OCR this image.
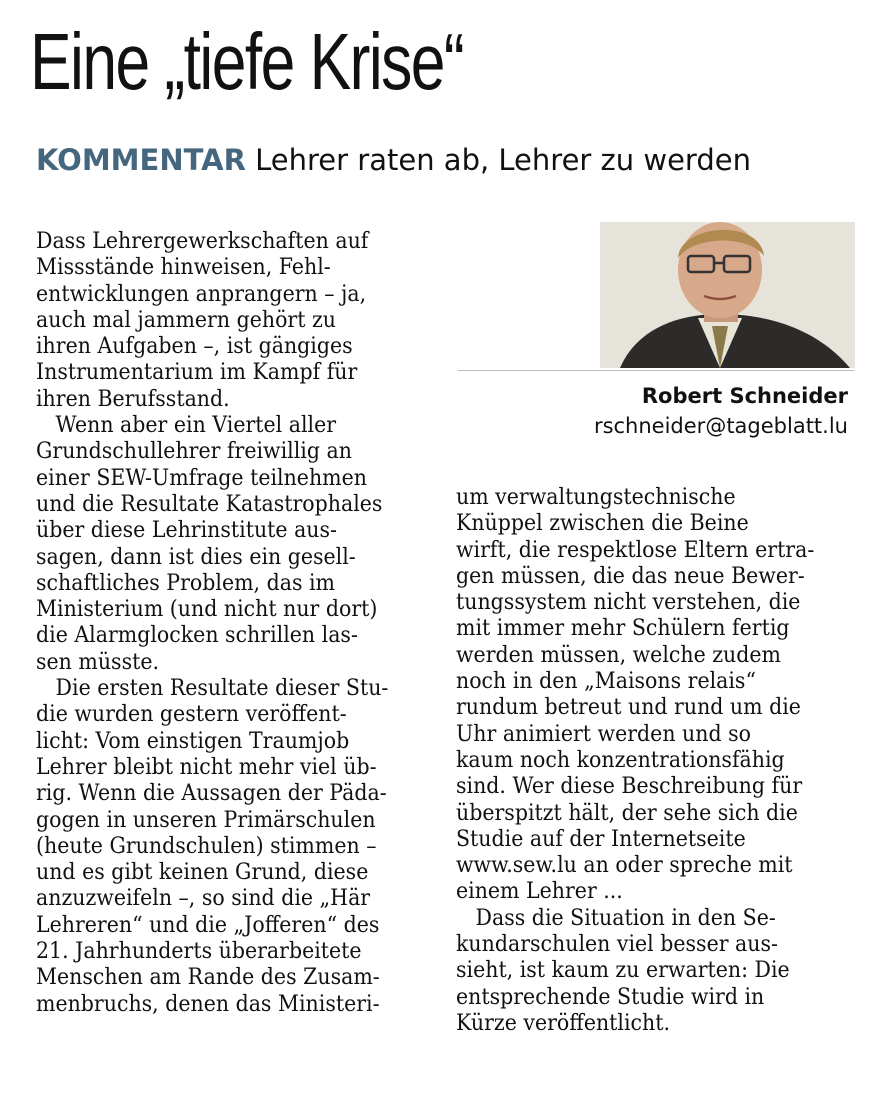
Eine „tiefe Krise“
KOMMENTAR Lehrer raten ab, Lehrer zu werden

Dass Lehrergewerkschaften auf

Missstände hinweisen, Fehl-

entwicklungen anprangern – ja,

auch mal jammern gehört zu

ihren Aufgaben –, ist gängiges

Instrumentarium im Kampf für

ihren Berufsstand.

Wenn aber ein Viertel aller

Grundschullehrer freiwillig an

einer SEW-Umfrage teilnehmen

und die Resultate Katastrophales

über diese Lehrinstitute aus-

sagen, dann ist dies ein gesell-

schaftliches Problem, das im

Ministerium (und nicht nur dort)

die Alarmglocken schrillen las-

sen müsste.

Die ersten Resultate dieser Stu-

die wurden gestern veröffent-

licht: Vom einstigen Traumjob

Lehrer bleibt nicht mehr viel üb-

rig. Wenn die Aussagen der Päda-

gogen in unseren Primärschulen

(heute Grundschulen) stimmen –

und es gibt keinen Grund, diese

anzuzweifeln –, so sind die „Här

Lehreren“ und die „Jofferen“ des

21. Jahrhunderts überarbeitete

Menschen am Rande des Zusam-

menbruchs, denen das Ministeri-

Robert Schneider
rschneider@tageblatt.lu

um verwaltungstechnische

Knüppel zwischen die Beine

wirft, die respektlose Eltern ertra-

gen müssen, die das neue Bewer-

tungssystem nicht verstehen, die

mit immer mehr Schülern fertig

werden müssen, welche zudem

noch in den „Maisons relais“

rundum betreut und rund um die

Uhr animiert werden und so

kaum noch konzentrationsfähig

sind. Wer diese Beschreibung für

überspitzt hält, der sehe sich die

Studie auf der Internetseite

www.sew.lu an oder spreche mit

einem Lehrer ...

Dass die Situation in den Se-

kundarschulen viel besser aus-

sieht, ist kaum zu erwarten: Die

entsprechende Studie wird in

Kürze veröffentlicht.
